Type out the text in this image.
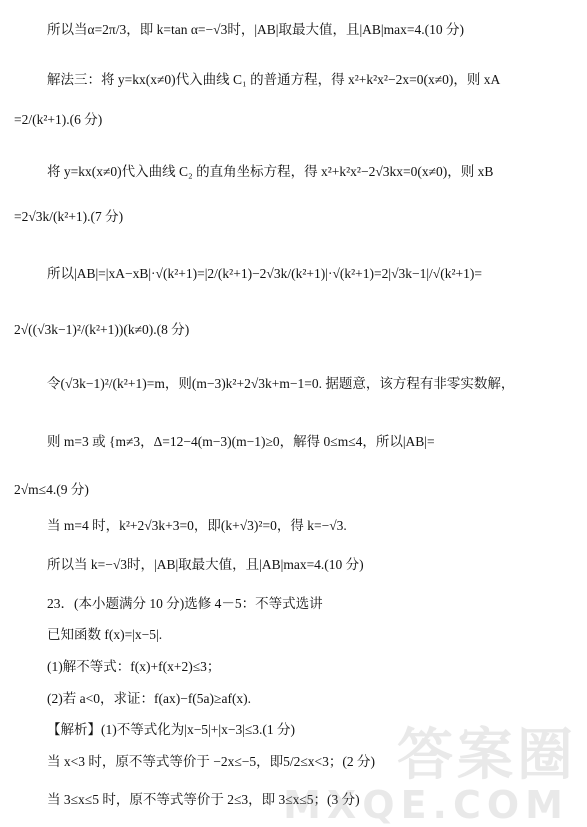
所以当α=2π/3，即 k=tan α=−√3时，|AB|取最大值，且|AB|max=4.(10 分)
解法三：将 y=kx(x≠0)代入曲线 C₁ 的普通方程，得 x²+k²x²−2x=0(x≠0)，则 xA
=2/(k²+1).(6 分)
将 y=kx(x≠0)代入曲线 C₂ 的直角坐标方程，得 x²+k²x²−2√3kx=0(x≠0)，则 xB
=2√3k/(k²+1).(7 分)
所以|AB|=|xA−xB|·√(k²+1)=|2/(k²+1)−2√3k/(k²+1)|·√(k²+1)=2|√3k−1|/√(k²+1)=
2√((√3k−1)²/(k²+1))(k≠0).(8 分)
令(√3k−1)²/(k²+1)=m，则(m−3)k²+2√3k+m−1=0. 据题意，该方程有非零实数解，
则 m=3 或 {m≠3，Δ=12−4(m−3)(m−1)≥0，解得 0≤m≤4，所以|AB|=
2√m≤4.(9 分)
当 m=4 时，k²+2√3k+3=0，即(k+√3)²=0，得 k=−√3.
所以当 k=−√3时，|AB|取最大值，且|AB|max=4.(10 分)
23．(本小题满分 10 分)选修 4－5：不等式选讲
已知函数 f(x)=|x−5|.
(1)解不等式：f(x)+f(x+2)≤3；
(2)若 a<0，求证：f(ax)−f(5a)≥af(x).
【解析】(1)不等式化为|x−5|+|x−3|≤3.(1 分)
当 x<3 时，原不等式等价于 −2x≤−5，即5/2≤x<3；(2 分)
当 3≤x≤5 时，原不等式等价于 2≤3，即 3≤x≤5；(3 分)
答案圈
MXQE.COM
